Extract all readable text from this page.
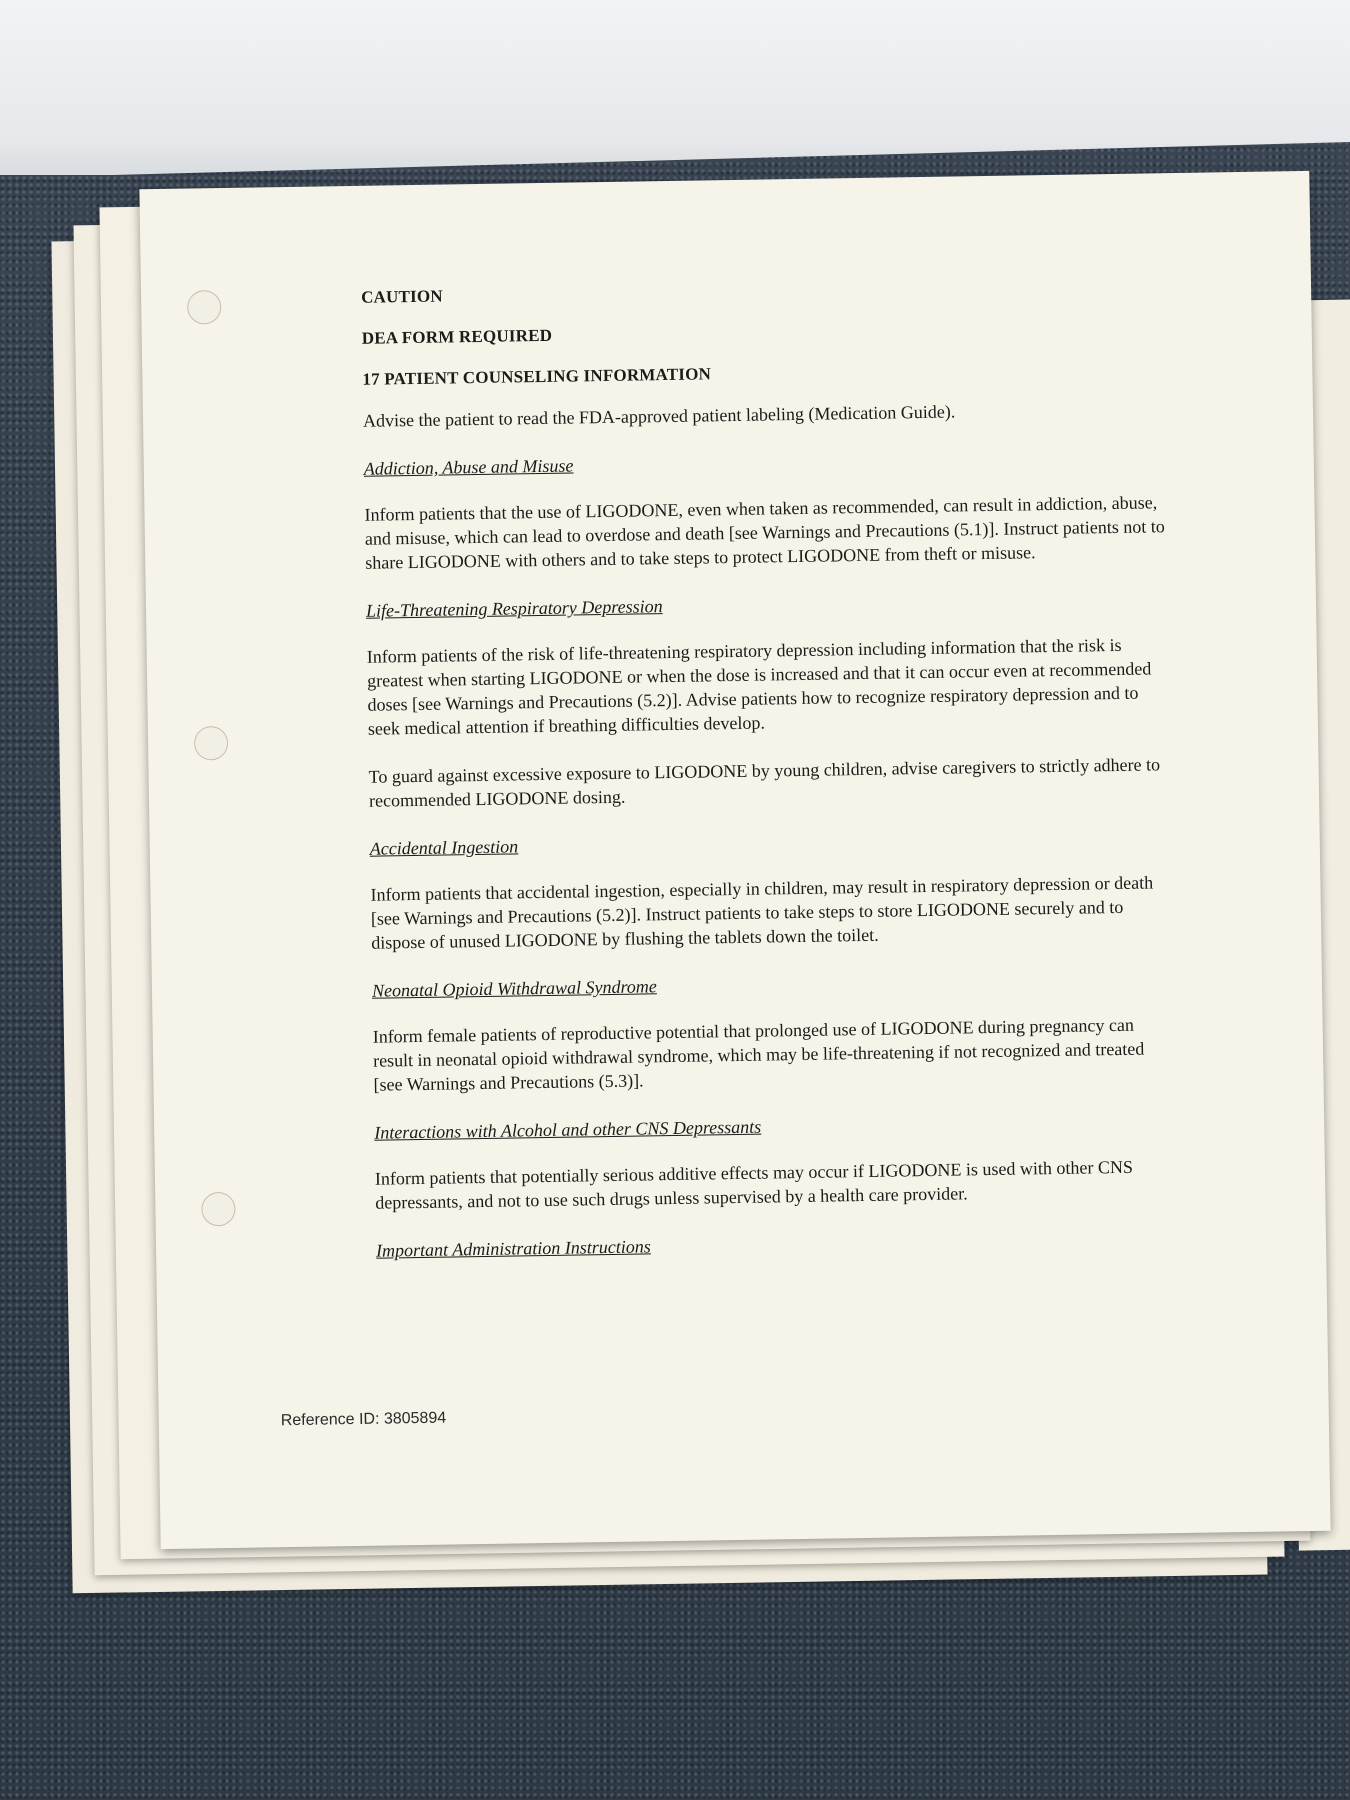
CAUTION
DEA FORM REQUIRED
17 PATIENT COUNSELING INFORMATION

Advise the patient to read the FDA-approved patient labeling (Medication Guide).

Addiction, Abuse and Misuse

Inform patients that the use of LIGODONE, even when taken as recommended, can result in addiction, abuse, and misuse, which can lead to overdose and death [see Warnings and Precautions (5.1)]. Instruct patients not to share LIGODONE with others and to take steps to protect LIGODONE from theft or misuse.

Life-Threatening Respiratory Depression

Inform patients of the risk of life-threatening respiratory depression including information that the risk is greatest when starting LIGODONE or when the dose is increased and that it can occur even at recommended doses [see Warnings and Precautions (5.2)]. Advise patients how to recognize respiratory depression and to seek medical attention if breathing difficulties develop.

To guard against excessive exposure to LIGODONE by young children, advise caregivers to strictly adhere to recommended LIGODONE dosing.

Accidental Ingestion

Inform patients that accidental ingestion, especially in children, may result in respiratory depression or death [see Warnings and Precautions (5.2)]. Instruct patients to take steps to store LIGODONE securely and to dispose of unused LIGODONE by flushing the tablets down the toilet.

Neonatal Opioid Withdrawal Syndrome

Inform female patients of reproductive potential that prolonged use of LIGODONE during pregnancy can result in neonatal opioid withdrawal syndrome, which may be life-threatening if not recognized and treated [see Warnings and Precautions (5.3)].

Interactions with Alcohol and other CNS Depressants

Inform patients that potentially serious additive effects may occur if LIGODONE is used with other CNS depressants, and not to use such drugs unless supervised by a health care provider.

Important Administration Instructions
Reference ID: 3805894
